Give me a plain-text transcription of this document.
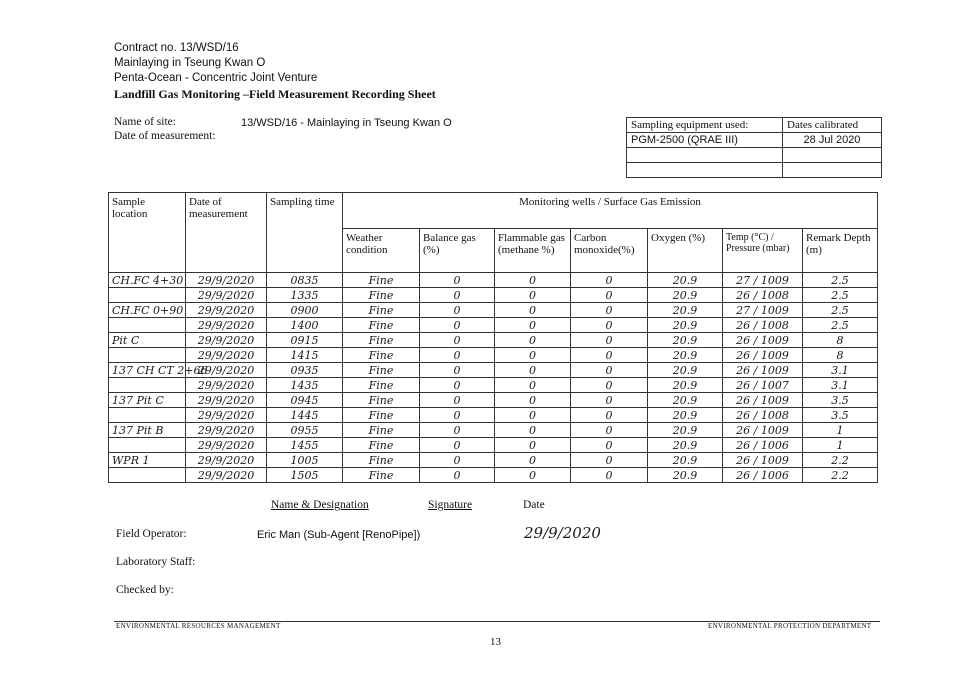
Contract no. 13/WSD/16
Mainlaying in Tseung Kwan O
Penta-Ocean - Concentric Joint Venture
Landfill Gas Monitoring –Field Measurement Recording Sheet
Name of site:	13/WSD/16 - Mainlaying in Tseung Kwan O
Date of measurement:
Sampling equipment used:	Dates calibrated
PGM-2500 (QRAE III)	28 Jul 2020

Sample location	Date of measurement	Sampling time	Monitoring wells / Surface Gas Emission						
			Weather condition	Balance gas (%)	Flammable gas (methane %)	Carbon monoxide(%)	Oxygen (%)	Temp (°C) / Pressure (mbar)	Remark Depth (m)
CH.FC 4+30	29/9/2020	0835	Fine	0	0	0	20.9	27 / 1009	2.5
	29/9/2020	1335	Fine	0	0	0	20.9	26 / 1008	2.5
CH.FC 0+90	29/9/2020	0900	Fine	0	0	0	20.9	27 / 1009	2.5
	29/9/2020	1400	Fine	0	0	0	20.9	26 / 1008	2.5
Pit C	29/9/2020	0915	Fine	0	0	0	20.9	26 / 1009	8
	29/9/2020	1415	Fine	0	0	0	20.9	26 / 1009	8
137 CH CT 2+66	29/9/2020	0935	Fine	0	0	0	20.9	26 / 1009	3.1
	29/9/2020	1435	Fine	0	0	0	20.9	26 / 1007	3.1
137 Pit C	29/9/2020	0945	Fine	0	0	0	20.9	26 / 1009	3.5
	29/9/2020	1445	Fine	0	0	0	20.9	26 / 1008	3.5
137 Pit B	29/9/2020	0955	Fine	0	0	0	20.9	26 / 1009	1
	29/9/2020	1455	Fine	0	0	0	20.9	26 / 1006	1
WPR 1	29/9/2020	1005	Fine	0	0	0	20.9	26 / 1009	2.2
	29/9/2020	1505	Fine	0	0	0	20.9	26 / 1006	2.2
Name & Designation	Signature	Date
Field Operator:	Eric Man (Sub-Agent [RenoPipe])	29/9/2020
Laboratory Staff:
Checked by:
ENVIRONMENTAL RESOURCES MANAGEMENT	ENVIRONMENTAL PROTECTION DEPARTMENT
13
